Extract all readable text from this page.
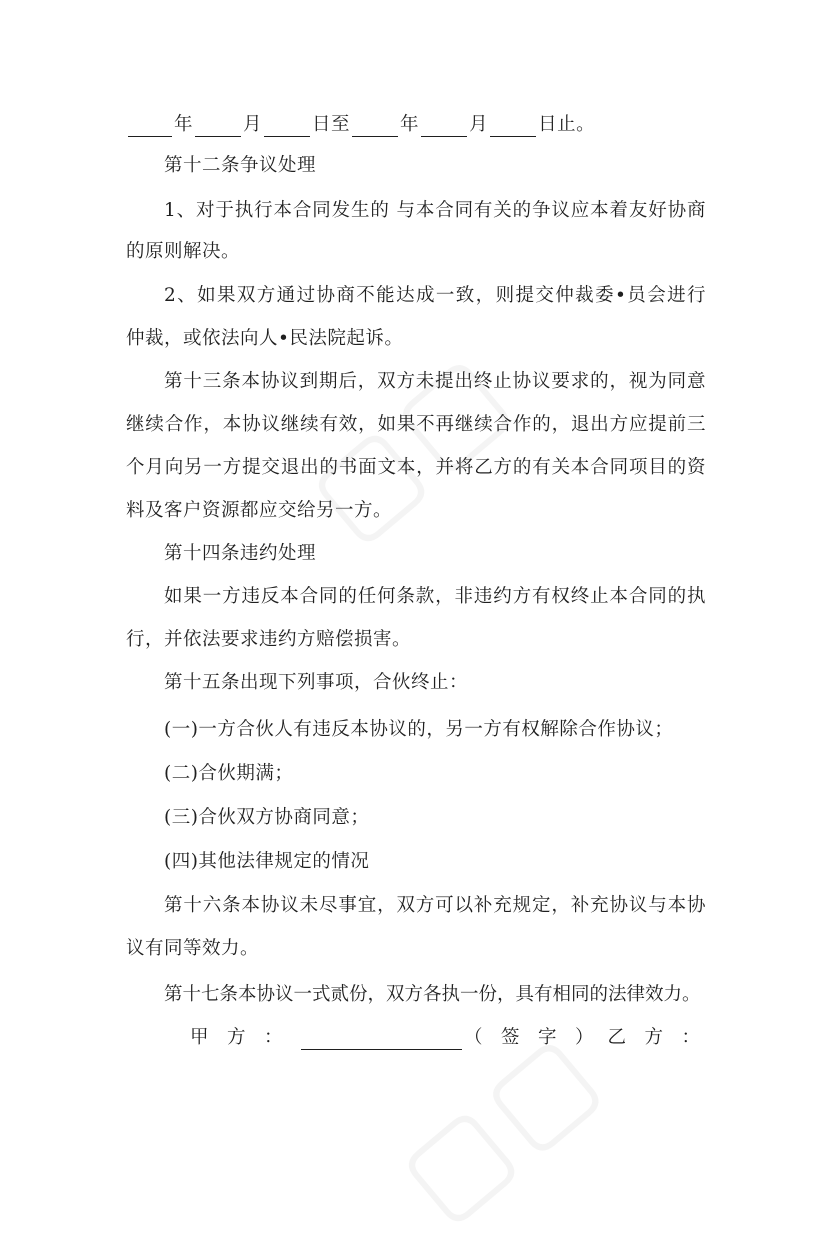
年	月	日至	年	月	日止。
第十二条争议处理
1、对于执行本合同发生的 与本合同有关的争议应本着友好协商
的原则解决。
2、如果双方通过协商不能达成一致，则提交仲裁委•员会进行
仲裁，或依法向人•民法院起诉。
第十三条本协议到期后，双方未提出终止协议要求的，视为同意
继续合作，本协议继续有效，如果不再继续合作的，退出方应提前三
个月向另一方提交退出的书面文本，并将乙方的有关本合同项目的资
料及客户资源都应交给另一方。
第十四条违约处理
如果一方违反本合同的任何条款，非违约方有权终止本合同的执
行，并依法要求违约方赔偿损害。
第十五条出现下列事项，合伙终止：
(一)一方合伙人有违反本协议的，另一方有权解除合作协议；
(二)合伙期满；
(三)合伙双方协商同意；
(四)其他法律规定的情况
第十六条本协议未尽事宜，双方可以补充规定，补充协议与本协
议有同等效力。
第十七条本协议一式贰份，双方各执一份，具有相同的法律效力。
甲　方　：	（　签　字　） 乙　方　：
